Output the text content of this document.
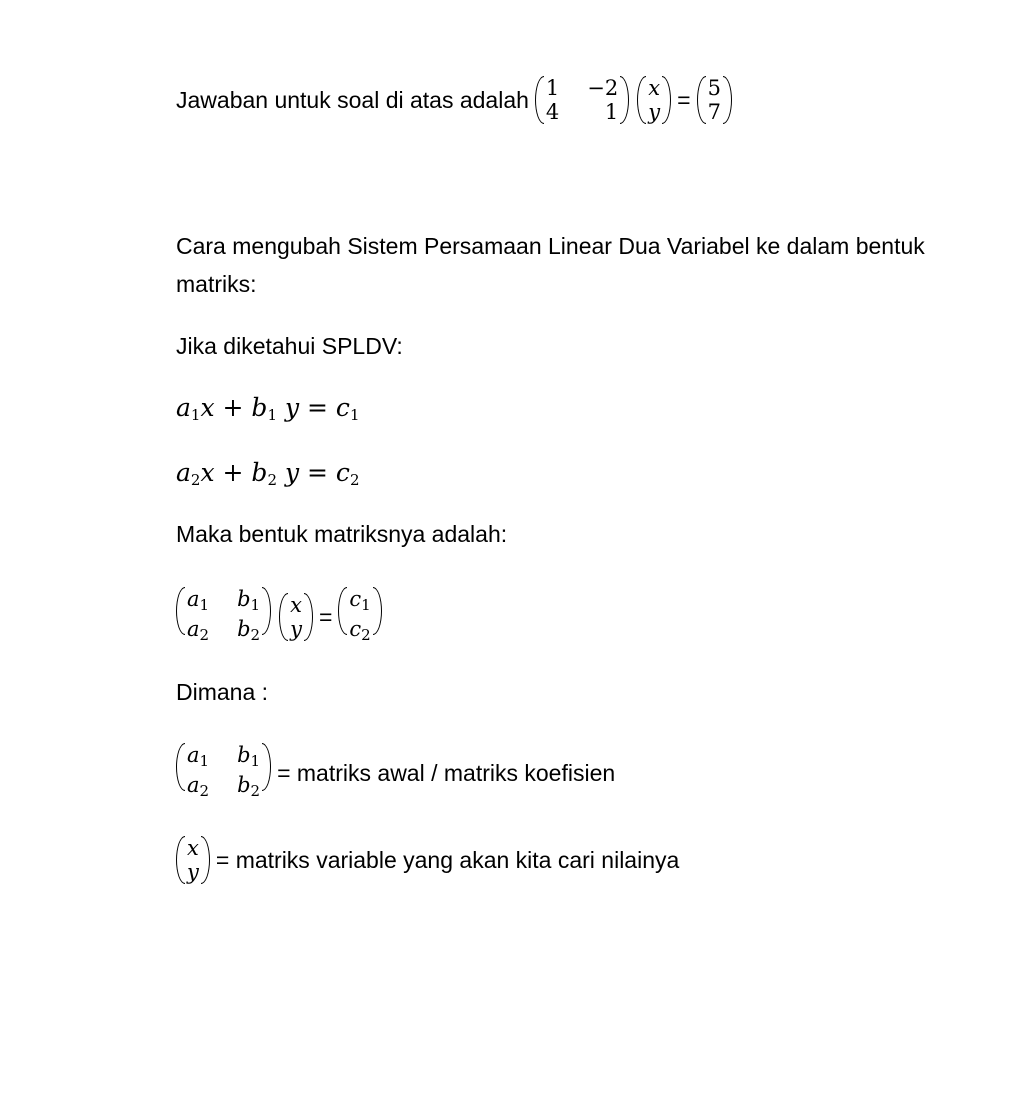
Jawaban untuk soal di atas adalah 1 −2
4	1
x
y = 5
7
Cara mengubah Sistem Persamaan Linear Dua Variabel ke dalam bentuk matriks:
Jika diketahui SPLDV:
$a_1x + b_1$ $y = c_1$
$a_2x + b_2$ $y = c_2$
Maka bentuk matriksnya adalah:
$a_1$ $b_1$
$a_2$ $b_2$
x
y =
$c_1$
$c_2$
Dimana :
$a_1$ $b_1$
$a_2$ $b_2$
= matriks awal / matriks koefisien
x
y = matriks variable yang akan kita cari nilainya
